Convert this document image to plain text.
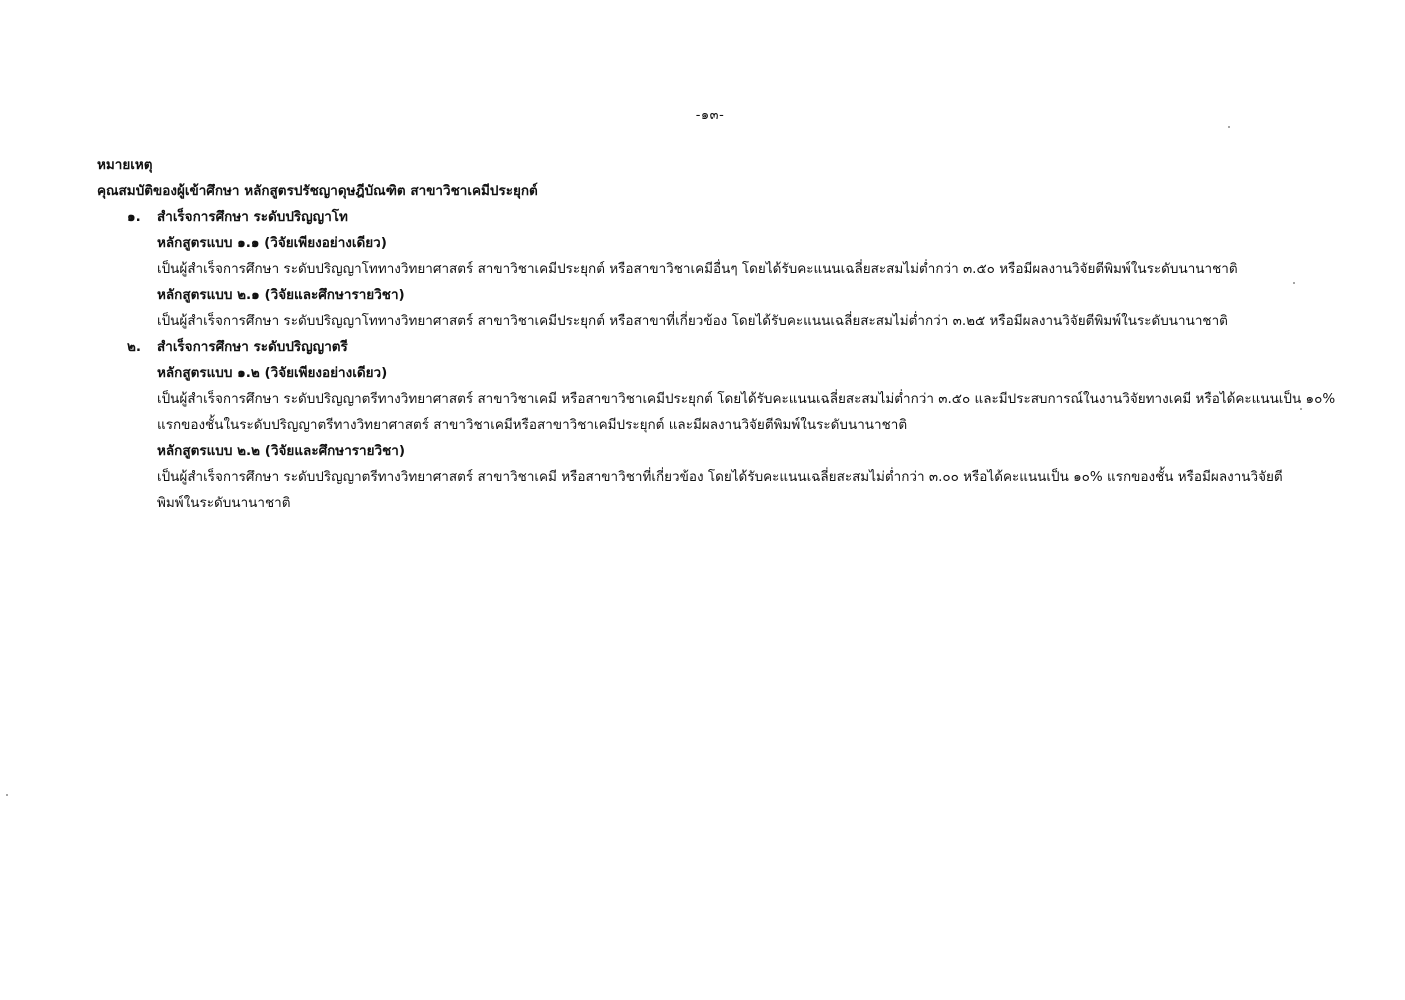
-๑๓-
หมายเหตุ
คุณสมบัติของผู้เข้าศึกษา หลักสูตรปรัชญาดุษฎีบัณฑิต สาขาวิชาเคมีประยุกต์
๑.	สำเร็จการศึกษา ระดับปริญญาโท
หลักสูตรแบบ ๑.๑ (วิจัยเพียงอย่างเดียว)
เป็นผู้สำเร็จการศึกษา ระดับปริญญาโททางวิทยาศาสตร์ สาขาวิชาเคมีประยุกต์ หรือสาขาวิชาเคมีอื่นๆ โดยได้รับคะแนนเฉลี่ยสะสมไม่ต่ำกว่า ๓.๕๐ หรือมีผลงานวิจัยตีพิมพ์ในระดับนานาชาติ
หลักสูตรแบบ ๒.๑ (วิจัยและศึกษารายวิชา)
เป็นผู้สำเร็จการศึกษา ระดับปริญญาโททางวิทยาศาสตร์ สาขาวิชาเคมีประยุกต์ หรือสาขาที่เกี่ยวข้อง โดยได้รับคะแนนเฉลี่ยสะสมไม่ต่ำกว่า ๓.๒๕ หรือมีผลงานวิจัยตีพิมพ์ในระดับนานาชาติ
๒.	สำเร็จการศึกษา ระดับปริญญาตรี
หลักสูตรแบบ ๑.๒ (วิจัยเพียงอย่างเดียว)
เป็นผู้สำเร็จการศึกษา ระดับปริญญาตรีทางวิทยาศาสตร์ สาขาวิชาเคมี หรือสาขาวิชาเคมีประยุกต์ โดยได้รับคะแนนเฉลี่ยสะสมไม่ต่ำกว่า ๓.๕๐ และมีประสบการณ์ในงานวิจัยทางเคมี หรือได้คะแนนเป็น ๑๐% แรกของชั้นในระดับปริญญาตรีทางวิทยาศาสตร์ สาขาวิชาเคมีหรือสาขาวิชาเคมีประยุกต์ และมีผลงานวิจัยตีพิมพ์ในระดับนานาชาติ
หลักสูตรแบบ ๒.๒ (วิจัยและศึกษารายวิชา)
เป็นผู้สำเร็จการศึกษา ระดับปริญญาตรีทางวิทยาศาสตร์ สาขาวิชาเคมี หรือสาขาวิชาที่เกี่ยวข้อง โดยได้รับคะแนนเฉลี่ยสะสมไม่ต่ำกว่า ๓.๐๐ หรือได้คะแนนเป็น ๑๐% แรกของชั้น หรือมีผลงานวิจัยตีพิมพ์ในระดับนานาชาติ
